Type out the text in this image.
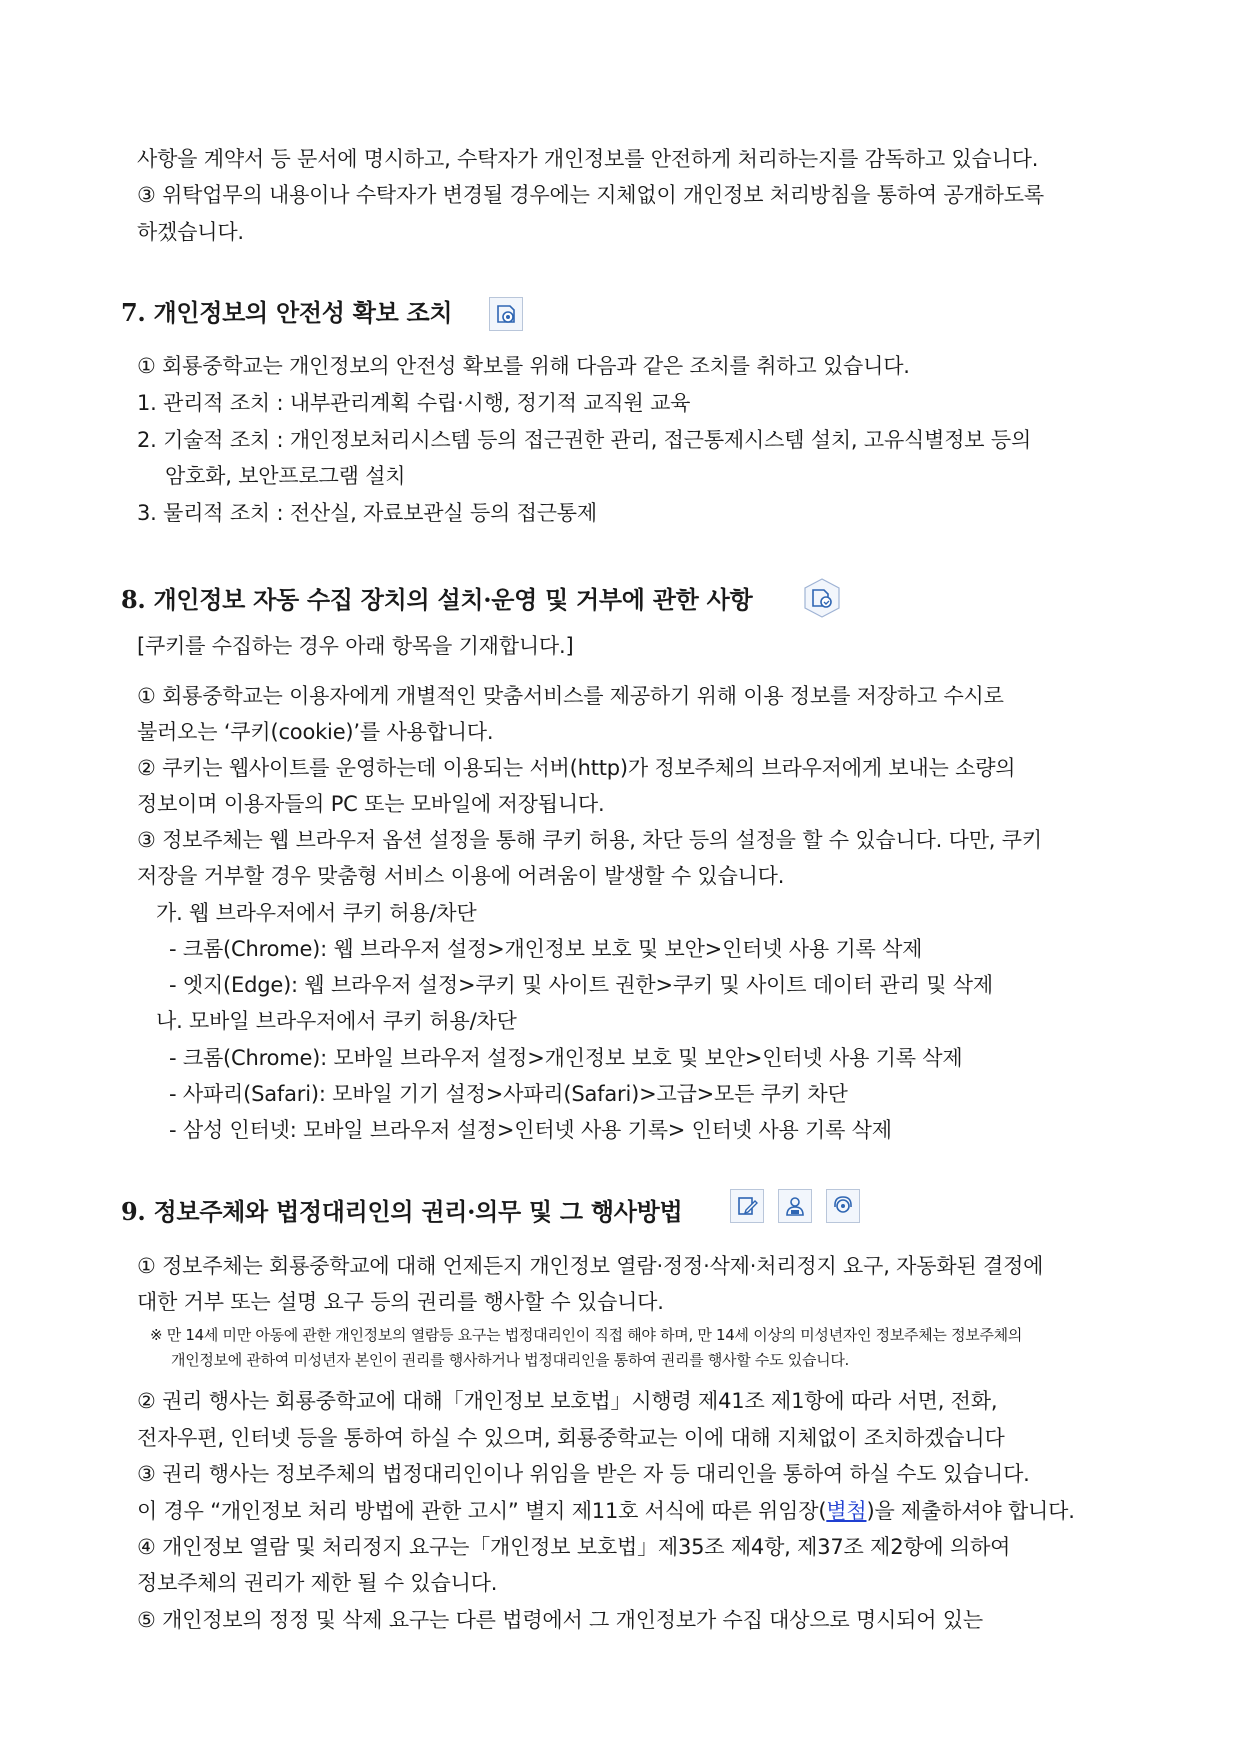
사항을 계약서 등 문서에 명시하고, 수탁자가 개인정보를 안전하게 처리하는지를 감독하고 있습니다.
③ 위탁업무의 내용이나 수탁자가 변경될 경우에는 지체없이 개인정보 처리방침을 통하여 공개하도록
하겠습니다.
7. 개인정보의 안전성 확보 조치
① 회룡중학교는 개인정보의 안전성 확보를 위해 다음과 같은 조치를 취하고 있습니다.
1. 관리적 조치 : 내부관리계획 수립·시행, 정기적 교직원 교육
2. 기술적 조치 : 개인정보처리시스템 등의 접근권한 관리, 접근통제시스템 설치, 고유식별정보 등의
암호화, 보안프로그램 설치
3. 물리적 조치 : 전산실, 자료보관실 등의 접근통제
8. 개인정보 자동 수집 장치의 설치·운영 및 거부에 관한 사항
[쿠키를 수집하는 경우 아래 항목을 기재합니다.]
① 회룡중학교는 이용자에게 개별적인 맞춤서비스를 제공하기 위해 이용 정보를 저장하고 수시로
불러오는 ‘쿠키(cookie)’를 사용합니다.
② 쿠키는 웹사이트를 운영하는데 이용되는 서버(http)가 정보주체의 브라우저에게 보내는 소량의
정보이며 이용자들의 PC 또는 모바일에 저장됩니다.
③ 정보주체는 웹 브라우저 옵션 설정을 통해 쿠키 허용, 차단 등의 설정을 할 수 있습니다. 다만, 쿠키
저장을 거부할 경우 맞춤형 서비스 이용에 어려움이 발생할 수 있습니다.
가. 웹 브라우저에서 쿠키 허용/차단
- 크롬(Chrome): 웹 브라우저 설정>개인정보 보호 및 보안>인터넷 사용 기록 삭제
- 엣지(Edge): 웹 브라우저 설정>쿠키 및 사이트 권한>쿠키 및 사이트 데이터 관리 및 삭제
나. 모바일 브라우저에서 쿠키 허용/차단
- 크롬(Chrome): 모바일 브라우저 설정>개인정보 보호 및 보안>인터넷 사용 기록 삭제
- 사파리(Safari): 모바일 기기 설정>사파리(Safari)>고급>모든 쿠키 차단
- 삼성 인터넷: 모바일 브라우저 설정>인터넷 사용 기록> 인터넷 사용 기록 삭제
9. 정보주체와 법정대리인의 권리·의무 및 그 행사방법
① 정보주체는 회룡중학교에 대해 언제든지 개인정보 열람·정정·삭제·처리정지 요구, 자동화된 결정에
대한 거부 또는 설명 요구 등의 권리를 행사할 수 있습니다.
※ 만 14세 미만 아동에 관한 개인정보의 열람등 요구는 법정대리인이 직접 해야 하며, 만 14세 이상의 미성년자인 정보주체는 정보주체의
개인정보에 관하여 미성년자 본인이 권리를 행사하거나 법정대리인을 통하여 권리를 행사할 수도 있습니다.
② 권리 행사는 회룡중학교에 대해「개인정보 보호법」시행령 제41조 제1항에 따라 서면, 전화,
전자우편, 인터넷 등을 통하여 하실 수 있으며, 회룡중학교는 이에 대해 지체없이 조치하겠습니다
③ 권리 행사는 정보주체의 법정대리인이나 위임을 받은 자 등 대리인을 통하여 하실 수도 있습니다.
이 경우 “개인정보 처리 방법에 관한 고시” 별지 제11호 서식에 따른 위임장(별첨)을 제출하셔야 합니다.
④ 개인정보 열람 및 처리정지 요구는「개인정보 보호법」제35조 제4항, 제37조 제2항에 의하여
정보주체의 권리가 제한 될 수 있습니다.
⑤ 개인정보의 정정 및 삭제 요구는 다른 법령에서 그 개인정보가 수집 대상으로 명시되어 있는
